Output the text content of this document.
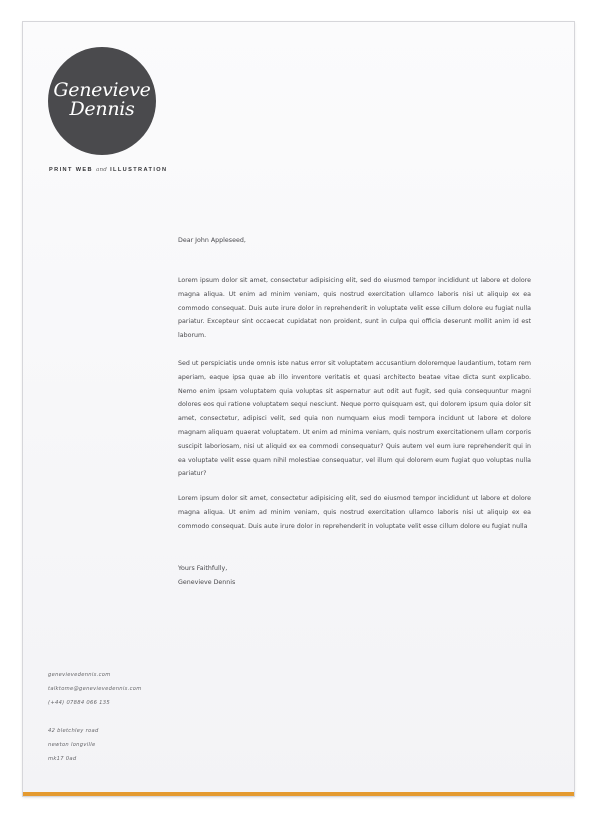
Genevieve
Dennis
PRINT WEB and ILLUSTRATION

Dear John Appleseed,

Lorem ipsum dolor sit amet, consectetur adipisicing elit, sed do eiusmod tempor incididunt ut labore et dolore magna aliqua. Ut enim ad minim veniam, quis nostrud exercitation ullamco laboris nisi ut aliquip ex ea commodo consequat. Duis aute irure dolor in reprehenderit in voluptate velit esse cillum dolore eu fugiat nulla pariatur. Excepteur sint occaecat cupidatat non proident, sunt in culpa qui officia deserunt mollit anim id est laborum.

Sed ut perspiciatis unde omnis iste natus error sit voluptatem accusantium doloremque laudantium, totam rem aperiam, eaque ipsa quae ab illo inventore veritatis et quasi architecto beatae vitae dicta sunt explicabo. Nemo enim ipsam voluptatem quia voluptas sit aspernatur aut odit aut fugit, sed quia consequuntur magni dolores eos qui ratione voluptatem sequi nesciunt. Neque porro quisquam est, qui dolorem ipsum quia dolor sit amet, consectetur, adipisci velit, sed quia non numquam eius modi tempora incidunt ut labore et dolore magnam aliquam quaerat voluptatem. Ut enim ad minima veniam, quis nostrum exercitationem ullam corporis suscipit laboriosam, nisi ut aliquid ex ea commodi consequatur? Quis autem vel eum iure reprehenderit qui in ea voluptate velit esse quam nihil molestiae consequatur, vel illum qui dolorem eum fugiat quo voluptas nulla pariatur?

Lorem ipsum dolor sit amet, consectetur adipisicing elit, sed do eiusmod tempor incididunt ut labore et dolore magna aliqua. Ut enim ad minim veniam, quis nostrud exercitation ullamco laboris nisi ut aliquip ex ea commodo consequat. Duis aute irure dolor in reprehenderit in voluptate velit esse cillum dolore eu fugiat nulla

Yours Faithfully,

Genevieve Dennis

genevievedennis.com
talktome@genevievedennis.com
(+44) 07884 066 135
42 bletchley road
newton longville
mk17 0ad
